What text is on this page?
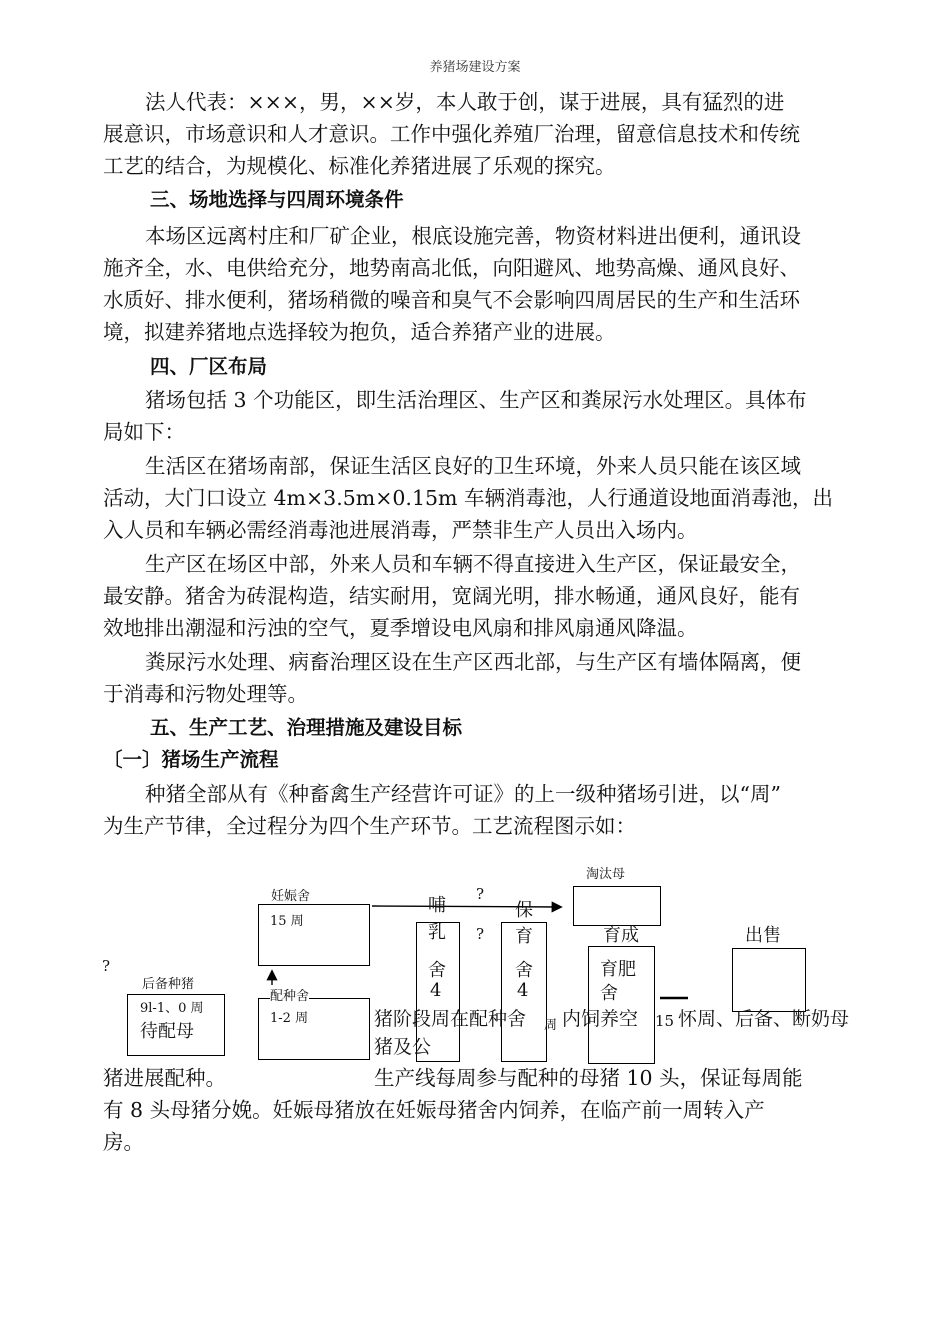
养猪场建设方案
法人代表：×××，男，××岁，本人敢于创，谋于进展，具有猛烈的进
展意识，市场意识和人才意识。工作中强化养殖厂治理，留意信息技术和传统
工艺的结合，为规模化、标准化养猪进展了乐观的探究。
三、场地选择与四周环境条件
本场区远离村庄和厂矿企业，根底设施完善，物资材料进出便利，通讯设
施齐全，水、电供给充分，地势南高北低，向阳避风、地势高燥、通风良好、
水质好、排水便利，猪场稍微的噪音和臭气不会影响四周居民的生产和生活环
境，拟建养猪地点选择较为抱负，适合养猪产业的进展。
四、厂区布局
猪场包括 3 个功能区，即生活治理区、生产区和粪尿污水处理区。具体布
局如下：
生活区在猪场南部，保证生活区良好的卫生环境，外来人员只能在该区域
活动，大门口设立 4m×3.5m×0.15m 车辆消毒池，人行通道设地面消毒池，出
入人员和车辆必需经消毒池进展消毒，严禁非生产人员出入场内。
生产区在场区中部，外来人员和车辆不得直接进入生产区，保证最安全，
最安静。猪舍为砖混构造，结实耐用，宽阔光明，排水畅通，通风良好，能有
效地排出潮湿和污浊的空气，夏季增设电风扇和排风扇通风降温。
粪尿污水处理、病畜治理区设在生产区西北部，与生产区有墙体隔离，便
于消毒和污物处理等。
五、生产工艺、治理措施及建设目标
〔一〕猪场生产流程
种猪全部从有《种畜禽生产经营许可证》的上一级种猪场引进，以“周”
为生产节律，全过程分为四个生产环节。工艺流程图示如：
淘汰母
妊娠舍
15 周
?
?
?
哺
乳
舍
4
保
育
舍
4
育成
育肥
舍
出售
后备种猪
9l-1、0 周
待配母
配种舍
1-2 周	猪阶段周在配种舍 周 内饲养空 15 怀周、后备、断奶母
猪及公
猪进展配种。	生产线每周参与配种的母猪 10 头，保证每周能
有 8 头母猪分娩。妊娠母猪放在妊娠母猪舍内饲养，在临产前一周转入产
房。
